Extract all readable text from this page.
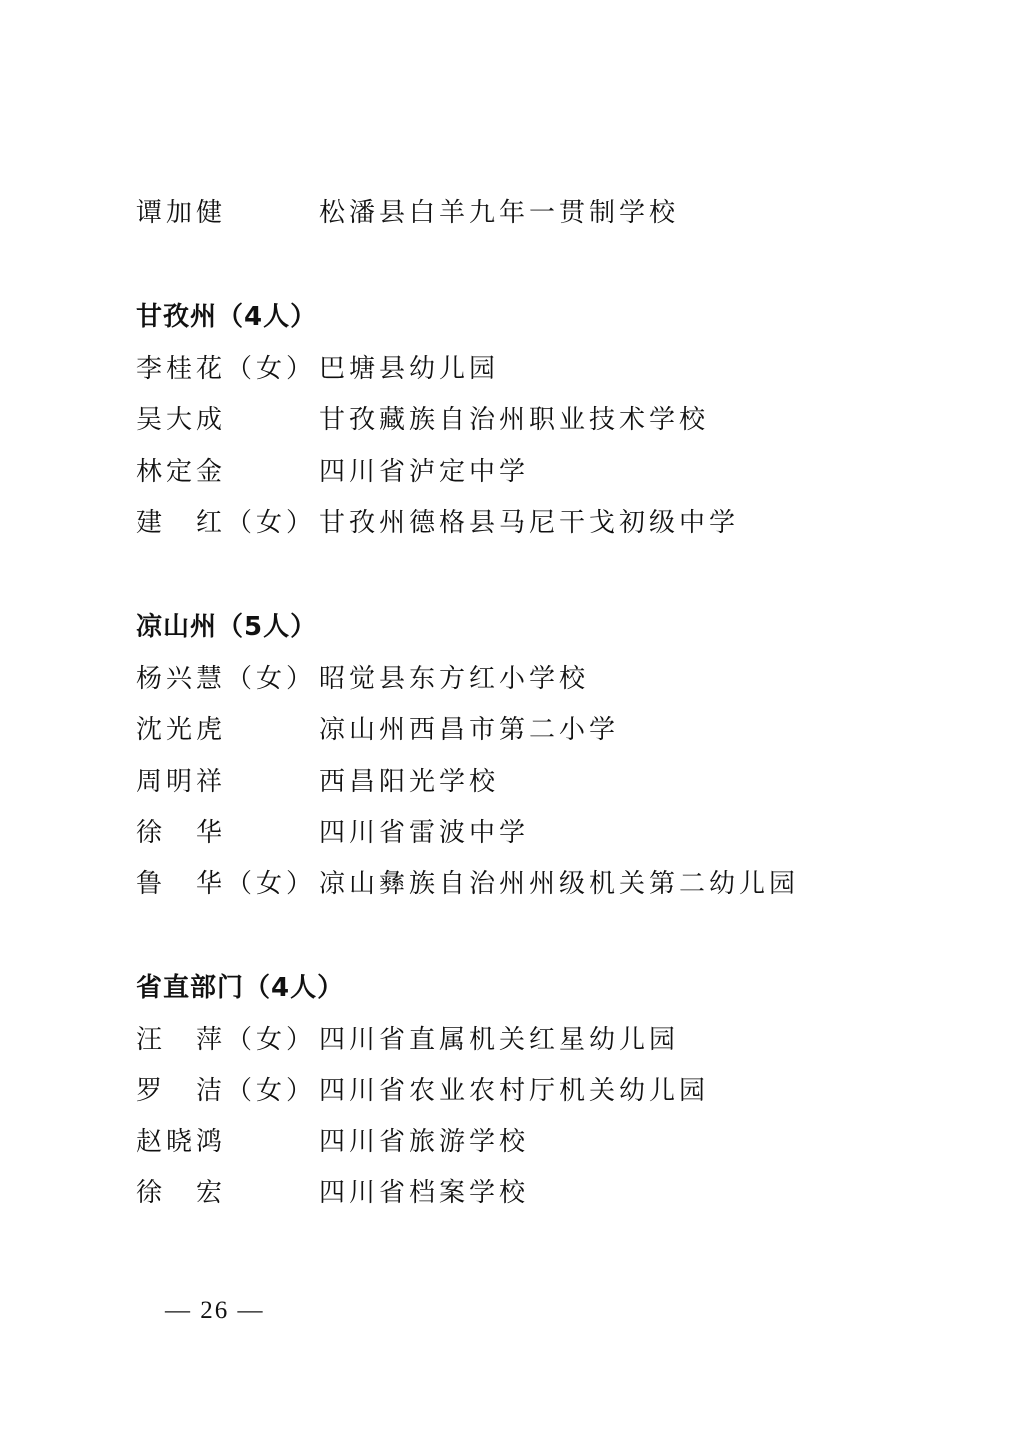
谭加健	松潘县白羊九年一贯制学校
甘孜州（4人）
李桂花（女） 巴塘县幼儿园
吴大成	甘孜藏族自治州职业技术学校
林定金	四川省泸定中学
建　红（女） 甘孜州德格县马尼干戈初级中学
凉山州（5人）
杨兴慧（女） 昭觉县东方红小学校
沈光虎	凉山州西昌市第二小学
周明祥	西昌阳光学校
徐　华	四川省雷波中学
鲁　华（女） 凉山彝族自治州州级机关第二幼儿园
省直部门（4人）
汪　萍（女） 四川省直属机关红星幼儿园
罗　洁（女） 四川省农业农村厅机关幼儿园
赵晓鸿	四川省旅游学校
徐　宏	四川省档案学校
— 26 —
